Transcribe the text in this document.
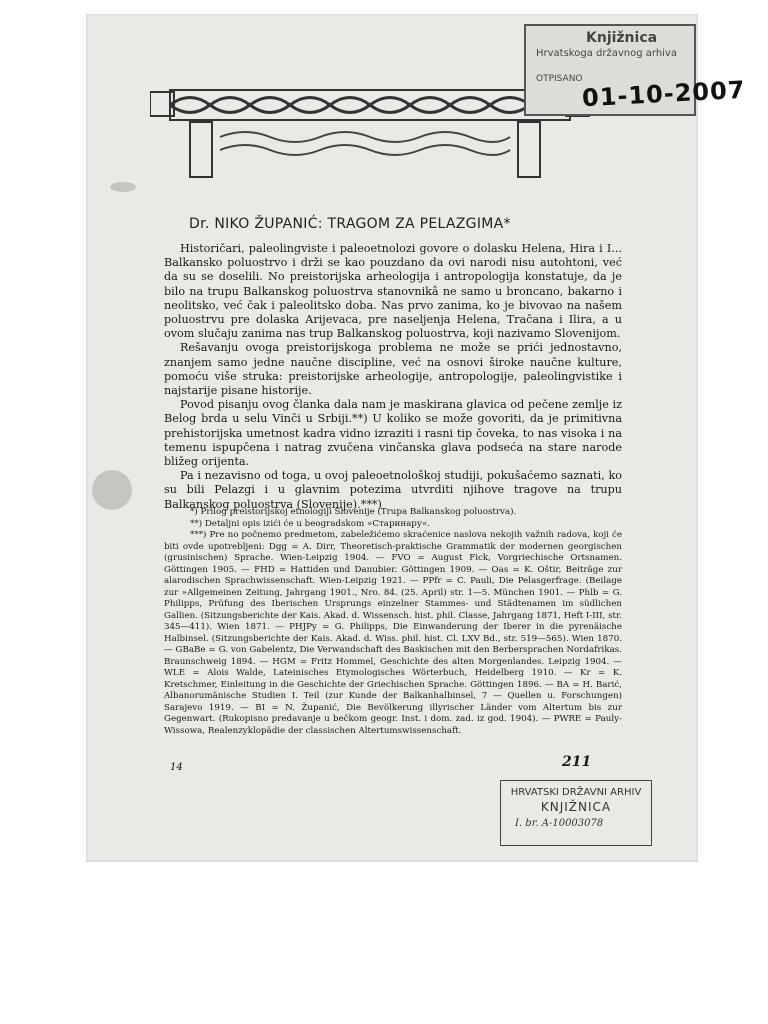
Knjižnica
Hrvatskoga državnog arhiva
OTPISANO
01-10-2007
Dr. NIKO ŽUPANIĆ: TRAGOM ZA PELAZGIMA*

Historičari, paleolingviste i paleoetnolozi govore o dolasku Helena, Hira i I... Balkansko poluostrvo i drži se kao pouzdano da ovi narodi nisu autohtoni, već da su se doselili. No preistorijska arheologija i antropologija konstatuje, da je bilo na trupu Balkanskog poluostrva stanovnikâ ne samo u broncano, bakarno i neolitsko, već čak i paleolitsko doba. Nas prvo zanima, ko je bivovao na našem poluostrvu pre dolaska Arijevaca, pre naseljenja Helena, Tračana i Ilira, a u ovom slučaju zanima nas trup Balkanskog poluostrva, koji nazivamo Slovenijom.

Rešavanju ovoga preistorijskoga problema ne može se prići jednostavno, znanjem samo jedne naučne discipline, već na osnovi široke naučne kulture, pomoću više struka: preistorijske arheologije, antropologije, paleolingvistike i najstarije pisane historije.

Povod pisanju ovog članka dala nam je maskirana glavica od pečene zemlje iz Belog brda u selu Vinči u Srbiji.**) U koliko se može govoriti, da je primitivna prehistorijska umetnost kadra vidno izraziti i rasni tip čoveka, to nas visoka i na temenu ispupčena i natrag zvučena vinčanska glava podseća na stare narode bližeg orijenta.

Pa i nezavisno od toga, u ovoj paleoetnološkoj studiji, pokušaćemo saznati, ko su bili Pelazgi i u glavnim potezima utvrditi njihove tragove na trupu Balkanskog poluostrva (Slovenije).***)

*) Prilog preistorijskoj etnologiji Slovenije (Trupa Balkanskog poluostrva).

**) Detaljni opis izići će u beogradskom »Старинару«.

***) Pre no počnemo predmetom, zabeležićemo skraćenice naslova nekojih važnih radova, koji će biti ovde upotrebljeni: Dgg = A. Dirr, Theoretisch-praktische Grammatik der modernen georgischen (grusinischen) Sprache. Wien-Leipzig 1904. — FVO = August Fick, Vorgriechische Ortsnamen. Göttingen 1905. — FHD = Hattiden und Danubier. Göttingen 1909. — Oas = K. Oštir, Beiträge zur alarodischen Sprachwissenschaft. Wien-Leipzig 1921. — PPfr = C. Pauli, Die Pelasgerfrage. (Beilage zur »Allgemeinen Zeitung, Jahrgang 1901., Nro. 84. (25. April) str. 1—5. München 1901. — Phlb = G. Philipps, Prüfung des Iberischen Ursprungs einzelner Stammes- und Städtenamen im südlichen Gallien. (Sitzungsberichte der Kais. Akad. d. Wissensch. hist. phil. Classe, Jahrgang 1871, Heft I-III, str. 345—411). Wien 1871. — PHJPy = G. Philipps, Die Einwanderung der Iberer in die pyrenäische Halbinsel. (Sitzungsberichte der Kais. Akad. d. Wiss. phil. hist. Cl. LXV Bd., str. 519—565). Wien 1870. — GBaBe = G. von Gabelentz, Die Verwandschaft des Baskischen mit den Berbersprachen Nordafrikas. Braunschweig 1894. — HGM = Fritz Hommel, Geschichte des alten Morgenlandes. Leipzig 1904. — WLE = Alois Walde, Lateinisches Etymologisches Wörterbuch, Heidelberg 1910. — Kr = K. Kretschmer, Einleitung in die Geschichte der Griechischen Sprache. Göttingen 1896. — BA = H. Barić, Albanorumänische Studien I. Teil (zur Kunde der Balkanhalbinsel, 7 — Quellen u. Forschungen) Sarajevo 1919. — BI = N. Županić, Die Bevölkerung illyrischer Länder vom Altertum bis zur Gegenwart. (Rukopisno predavanje u bečkom geogr. Inst. i dom. zad. iz god. 1904). — PWRE = Pauly-Wissowa, Realenzyklopädie der classischen Altertumswissenschaft.

14	211
HRVATSKI DRŽAVNI ARHIV
KNJIŽNICA
I. br. A-10003078
